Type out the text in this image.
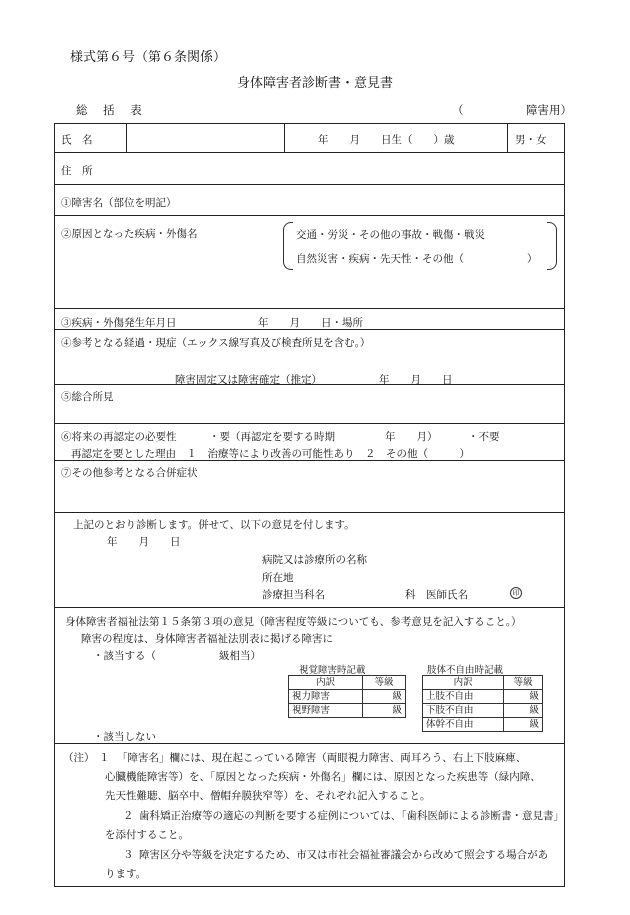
様式第６号（第６条関係）
身体障害者診断書・意見書
総 括 表	（	障害用）
氏　名	年　　月　　日生（　　）歳	男・女
住　所
①障害名（部位を明記）
②原因となった疾病・外傷名	交通・労災・その他の事故・戦傷・戦災
自然災害・疾病・先天性・その他（　　　　　　）
③疾病・外傷発生年月日	年　　月　　日・場所
④参考となる経過・現症（エックス線写真及び検査所見を含む。）
障害固定又は障害確定（推定）	年　　月　　日
⑤総合所見
⑥将来の再認定の必要性	・要（再認定を要する時期	年　　月）	・不要
再認定を要とした理由　１　治療等により改善の可能性あり　２　その他（　　　）
⑦その他参考となる合併症状
上記のとおり診断します。併せて、以下の意見を付します。
年　　月　　日
病院又は診療所の名称
所在地
診療担当科名	科　医師氏名	印
身体障害者福祉法第１５条第３項の意見（障害程度等級についても、参考意見を記入すること。）
障害の程度は、身体障害者福祉法別表に掲げる障害に
・該当する（　　　　　　級相当）
視覚障害時記載
内訳	等級
視力障害	級
視野障害	級
肢体不自由時記載
内訳	等級
上肢不自由	級
下肢不自由	級
体幹不自由	級
・該当しない
（注） １ 「障害名」欄には、現在起こっている障害（両眼視力障害、両耳ろう、右上下肢麻痺、
心臓機能障害等）を、「原因となった疾病・外傷名」欄には、原因となった疾患等（緑内障、
先天性難聴、脳卒中、僧帽弁膜狭窄等）を、それぞれ記入すること。
２ 歯科矯正治療等の適応の判断を要する症例については、「歯科医師による診断書・意見書」
を添付すること。
３ 障害区分や等級を決定するため、市又は市社会福祉審議会から改めて照会する場合があ
ります。
